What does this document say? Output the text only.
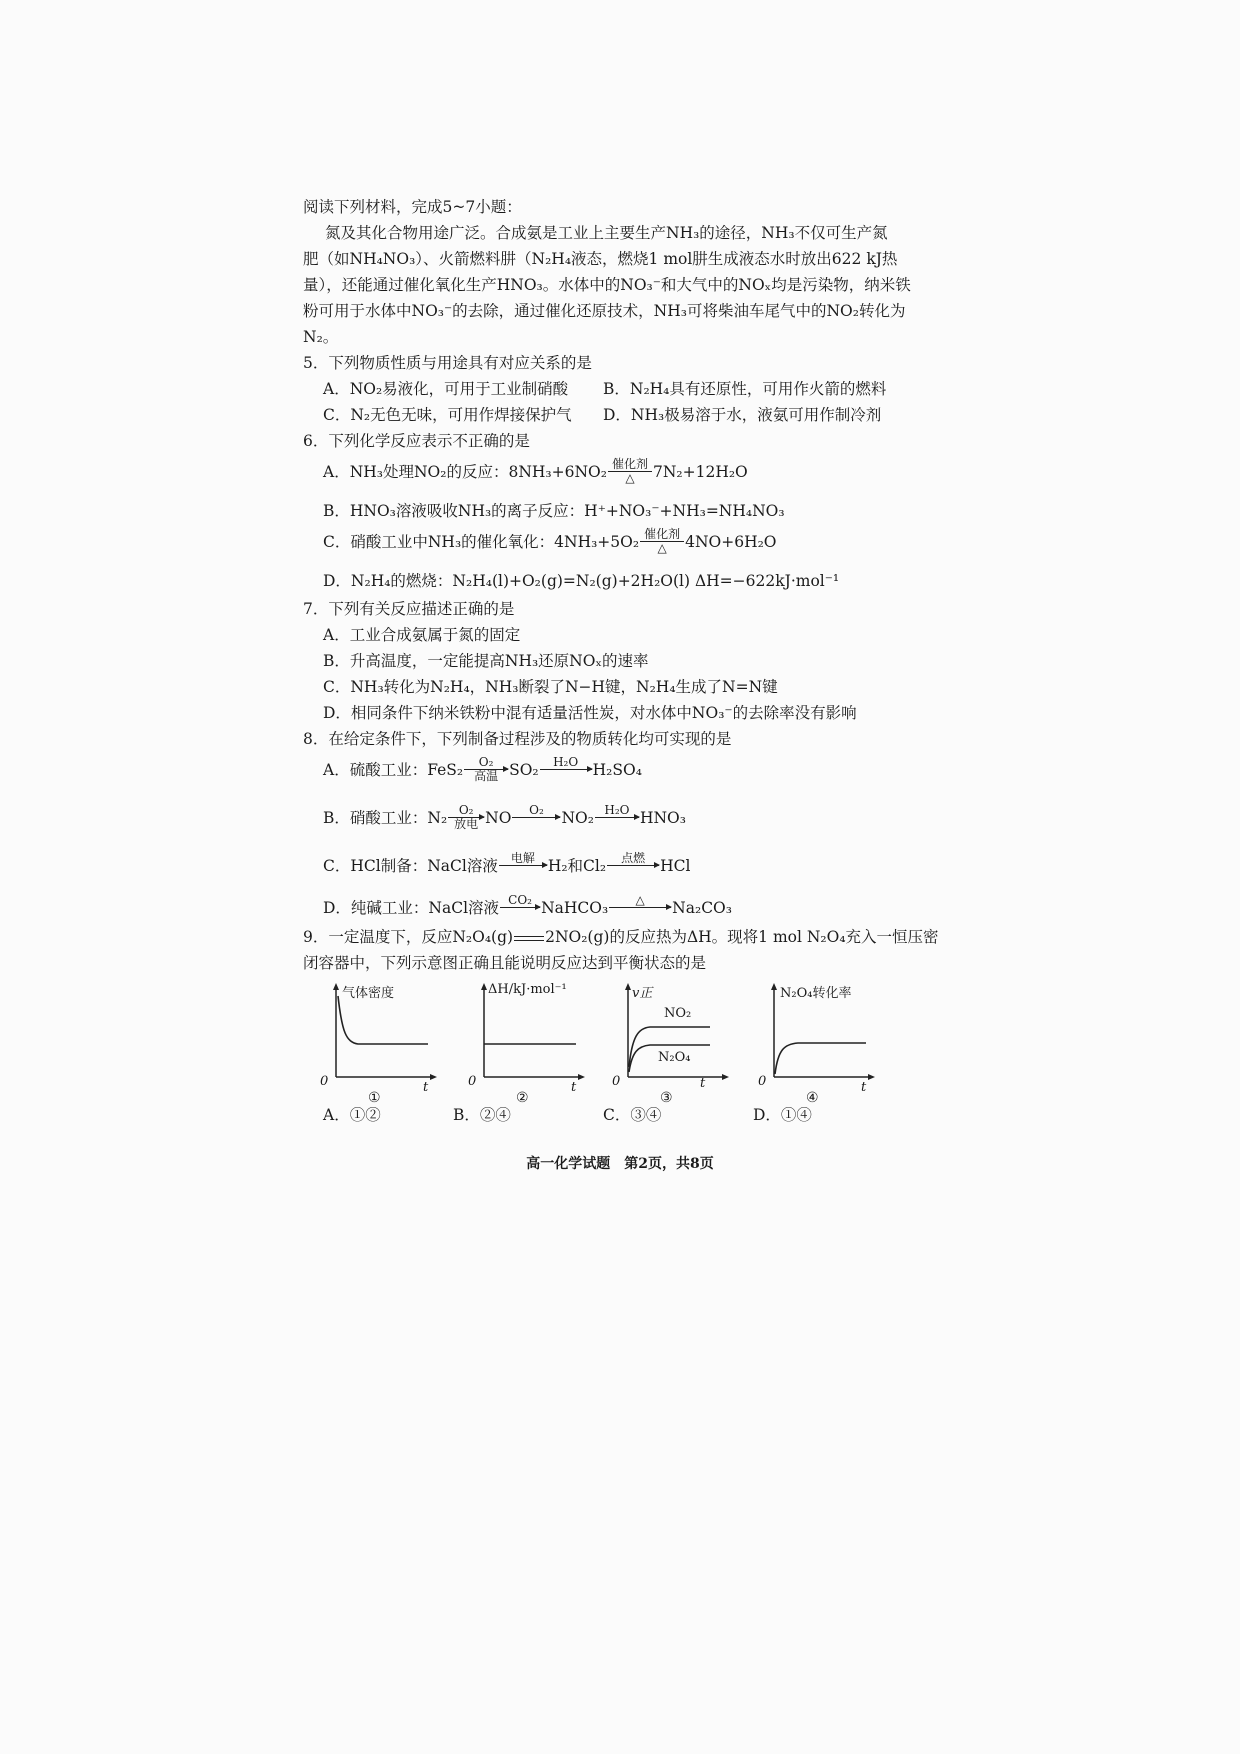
阅读下列材料，完成5~7小题：
氮及其化合物用途广泛。合成氨是工业上主要生产NH₃的途径，NH₃不仅可生产氮
肥（如NH₄NO₃）、火箭燃料肼（N₂H₄液态，燃烧1 mol肼生成液态水时放出622 kJ热
量），还能通过催化氧化生产HNO₃。水体中的NO₃⁻和大气中的NOₓ均是污染物，纳米铁
粉可用于水体中NO₃⁻的去除，通过催化还原技术，NH₃可将柴油车尾气中的NO₂转化为
N₂。
5．下列物质性质与用途具有对应关系的是
A．NO₂易液化，可用于工业制硝酸 B．N₂H₄具有还原性，可用作火箭的燃料
C．N₂无色无味，可用作焊接保护气 D．NH₃极易溶于水，液氨可用作制冷剂
6．下列化学反应表示不正确的是
A．NH₃处理NO₂的反应：8NH₃+6NO₂ 催化剂
△ 7N₂+12H₂O
B．HNO₃溶液吸收NH₃的离子反应：H⁺+NO₃⁻+NH₃=NH₄NO₃
C．硝酸工业中NH₃的催化氧化：4NH₃+5O₂ 催化剂
△ 4NO+6H₂O
D．N₂H₄的燃烧：N₂H₄(l)+O₂(g)=N₂(g)+2H₂O(l) ΔH=−622kJ·mol⁻¹
7．下列有关反应描述正确的是
A．工业合成氨属于氮的固定
B．升高温度，一定能提高NH₃还原NOₓ的速率
C．NH₃转化为N₂H₄，NH₃断裂了N−H键，N₂H₄生成了N=N键
D．相同条件下纳米铁粉中混有适量活性炭，对水体中NO₃⁻的去除率没有影响
8．在给定条件下，下列制备过程涉及的物质转化均可实现的是
A．硫酸工业：FeS₂ O₂
高温 SO₂ H₂O
H₂SO₄
B．硝酸工业：N₂ O₂
放电 NO O₂
NO₂ H₂O
HNO₃
C．HCl制备：NaCl溶液 电解
H₂和Cl₂ 点燃
HCl
D．纯碱工业：NaCl溶液 CO₂
NaHCO₃ △
Na₂CO₃
9．一定温度下，反应N₂O₄(g) 2NO₂(g)的反应热为ΔH。现将1 mol N₂O₄充入一恒压密
闭容器中，下列示意图正确且能说明反应达到平衡状态的是
气体密度
0	t
①
ΔH/kJ·mol⁻¹
0	t
②
v正
NO₂
N₂O₄
0	t
③
N₂O₄转化率
0	t
④
A．①②	B．②④	C．③④	D．①④
高一化学试题　第2页，共8页
